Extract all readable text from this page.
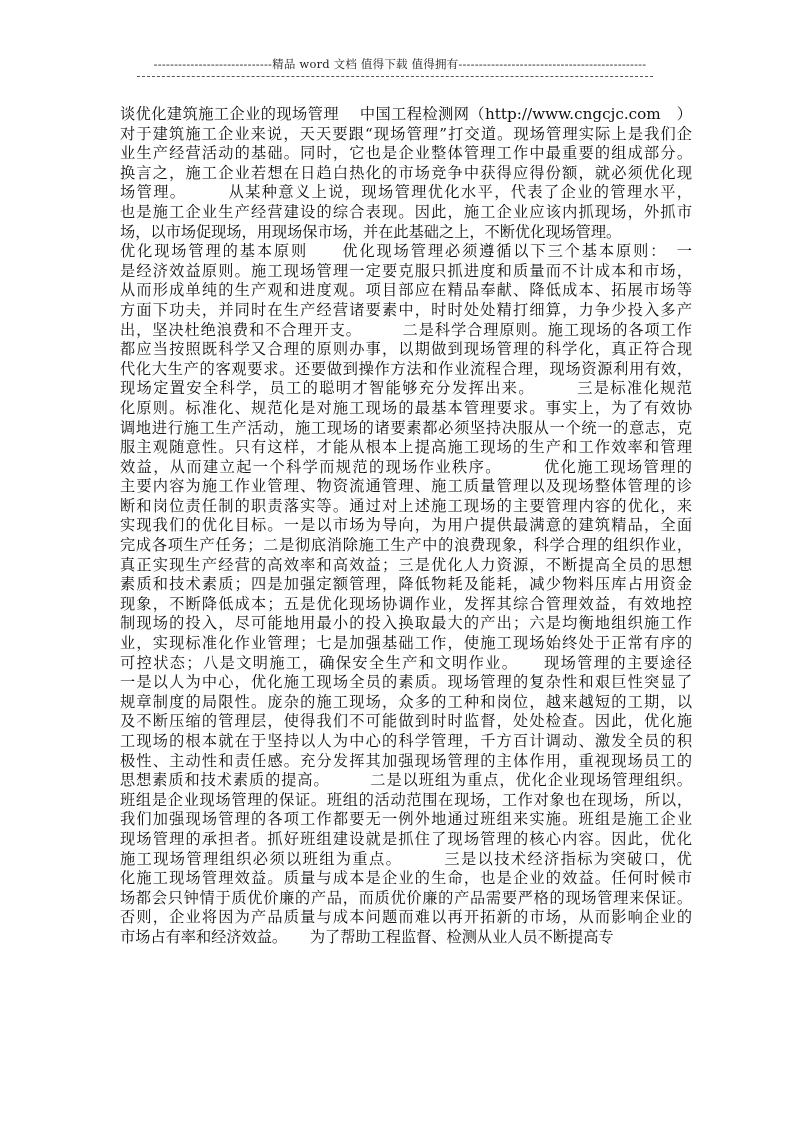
-----------------------------精品 word 文档 值得下载 值得拥有----------------------------------------------
谈优化建筑施工企业的现场管理　 中国工程检测网（http://www.cngcjc.com　）
对于建筑施工企业来说，天天要跟“现场管理”打交道。现场管理实际上是我们企
业生产经营活动的基础。同时，它也是企业整体管理工作中最重要的组成部分。
换言之，施工企业若想在日趋白热化的市场竞争中获得应得份额，就必须优化现
场管理。　　　从某种意义上说，现场管理优化水平，代表了企业的管理水平，
也是施工企业生产经营建设的综合表现。因此，施工企业应该内抓现场，外抓市
场，以市场促现场，用现场保市场，并在此基础之上，不断优化现场管理。
优化现场管理的基本原则　　优化现场管理必须遵循以下三个基本原则：　一
是经济效益原则。施工现场管理一定要克服只抓进度和质量而不计成本和市场，
从而形成单纯的生产观和进度观。项目部应在精品奉献、降低成本、拓展市场等
方面下功夫，并同时在生产经营诸要素中，时时处处精打细算，力争少投入多产
出，坚决杜绝浪费和不合理开支。　　　二是科学合理原则。施工现场的各项工作
都应当按照既科学又合理的原则办事，以期做到现场管理的科学化，真正符合现
代化大生产的客观要求。还要做到操作方法和作业流程合理，现场资源利用有效，
现场定置安全科学，员工的聪明才智能够充分发挥出来。　　　三是标准化规范
化原则。标准化、规范化是对施工现场的最基本管理要求。事实上，为了有效协
调地进行施工生产活动，施工现场的诸要素都必须坚持决服从一个统一的意志，克
服主观随意性。只有这样，才能从根本上提高施工现场的生产和工作效率和管理
效益，从而建立起一个科学而规范的现场作业秩序。　　　优化施工现场管理的
主要内容为施工作业管理、物资流通管理、施工质量管理以及现场整体管理的诊
断和岗位责任制的职责落实等。通过对上述施工现场的主要管理内容的优化，来
实现我们的优化目标。一是以市场为导向，为用户提供最满意的建筑精品，全面
完成各项生产任务；二是彻底消除施工生产中的浪费现象，科学合理的组织作业，
真正实现生产经营的高效率和高效益；三是优化人力资源，不断提高全员的思想
素质和技术素质；四是加强定额管理，降低物耗及能耗，减少物料压库占用资金
现象，不断降低成本；五是优化现场协调作业，发挥其综合管理效益，有效地控
制现场的投入，尽可能地用最小的投入换取最大的产出；六是均衡地组织施工作
业，实现标准化作业管理；七是加强基础工作，使施工现场始终处于正常有序的
可控状态；八是文明施工，确保安全生产和文明作业。　　现场管理的主要途径
一是以人为中心，优化施工现场全员的素质。现场管理的复杂性和艰巨性突显了
规章制度的局限性。庞杂的施工现场，众多的工种和岗位，越来越短的工期，以
及不断压缩的管理层，使得我们不可能做到时时监督，处处检查。因此，优化施
工现场的根本就在于坚持以人为中心的科学管理，千方百计调动、激发全员的积
极性、主动性和责任感。充分发挥其加强现场管理的主体作用，重视现场员工的
思想素质和技术素质的提高。　　　二是以班组为重点，优化企业现场管理组织。
班组是企业现场管理的保证。班组的活动范围在现场，工作对象也在现场，所以，
我们加强现场管理的各项工作都要无一例外地通过班组来实施。班组是施工企业
现场管理的承担者。抓好班组建设就是抓住了现场管理的核心内容。因此，优化
施工现场管理组织必须以班组为重点。　　　三是以技术经济指标为突破口，优
化施工现场管理效益。质量与成本是企业的生命，也是企业的效益。任何时候市
场都会只钟情于质优价廉的产品，而质优价廉的产品需要严格的现场管理来保证。
否则，企业将因为产品质量与成本问题而难以再开拓新的市场，从而影响企业的
市场占有率和经济效益。　　为了帮助工程监督、检测从业人员不断提高专
